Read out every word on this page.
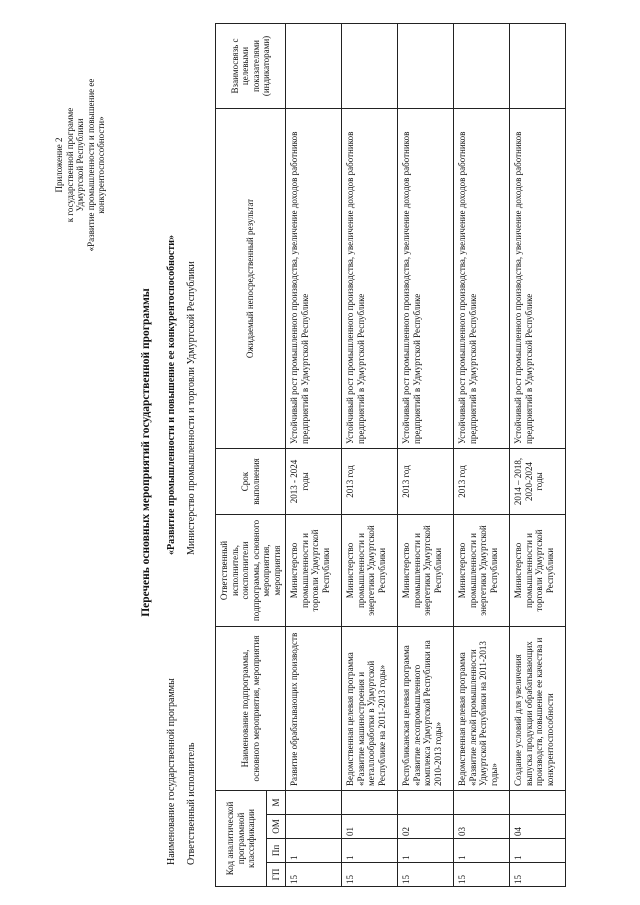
Приложение 2 к государственной программе Удмуртской Республики «Развитие промышленности и повышение ее конкурентоспособности»
Перечень основных мероприятий государственной программы
Наименование государственной программы
«Развитие промышленности и повышение ее конкурентоспособности»
Ответственный исполнитель
Министерство промышленности и торговли Удмуртской Республики
Код аналитической программной классификации				Наименование подпрограммы, основного мероприятия, мероприятия	Ответственный исполнитель, соисполнители подпрограммы, основного мероприятия, мероприятия	Срок выполнения	Ожидаемый непосредственный результат	Взаимосвязь с целевыми показателями (индикаторами)
ГП	Пп	ОМ	М					
15	1			Развитие обрабатывающих производств	Министерство промышленности и торговли Удмуртской Республики	2013 - 2024 годы	Устойчивый рост промышленного производства, увеличение доходов работников предприятий в Удмуртской Республике	
15	1	01		Ведомственная целевая программа «Развитие машиностроения и металлообработки в Удмуртской Республике на 2011-2013 годы»	Министерство промышленности и энергетики Удмуртской Республики	2013 год	Устойчивый рост промышленного производства, увеличение доходов работников предприятий в Удмуртской Республике	
15	1	02		Республиканская целевая программа «Развитие лесопромышленного комплекса Удмуртской Республики на 2010-2013 годы»	Министерство промышленности и энергетики Удмуртской Республики	2013 год	Устойчивый рост промышленного производства, увеличение доходов работников предприятий в Удмуртской Республике	
15	1	03		Ведомственная целевая программа «Развитие легкой промышленности Удмуртской Республики на 2011-2013 годы»	Министерство промышленности и энергетики Удмуртской Республики	2013 год	Устойчивый рост промышленного производства, увеличение доходов работников предприятий в Удмуртской Республике	
15	1	04		Создание условий для увеличения выпуска продукции обрабатывающих производств, повышение ее качества и конкурентоспособности	Министерство промышленности и торговли Удмуртской Республики	2014 – 2018, 2020-2024 годы	Устойчивый рост промышленного производства, увеличение доходов работников предприятий в Удмуртской Республике	
